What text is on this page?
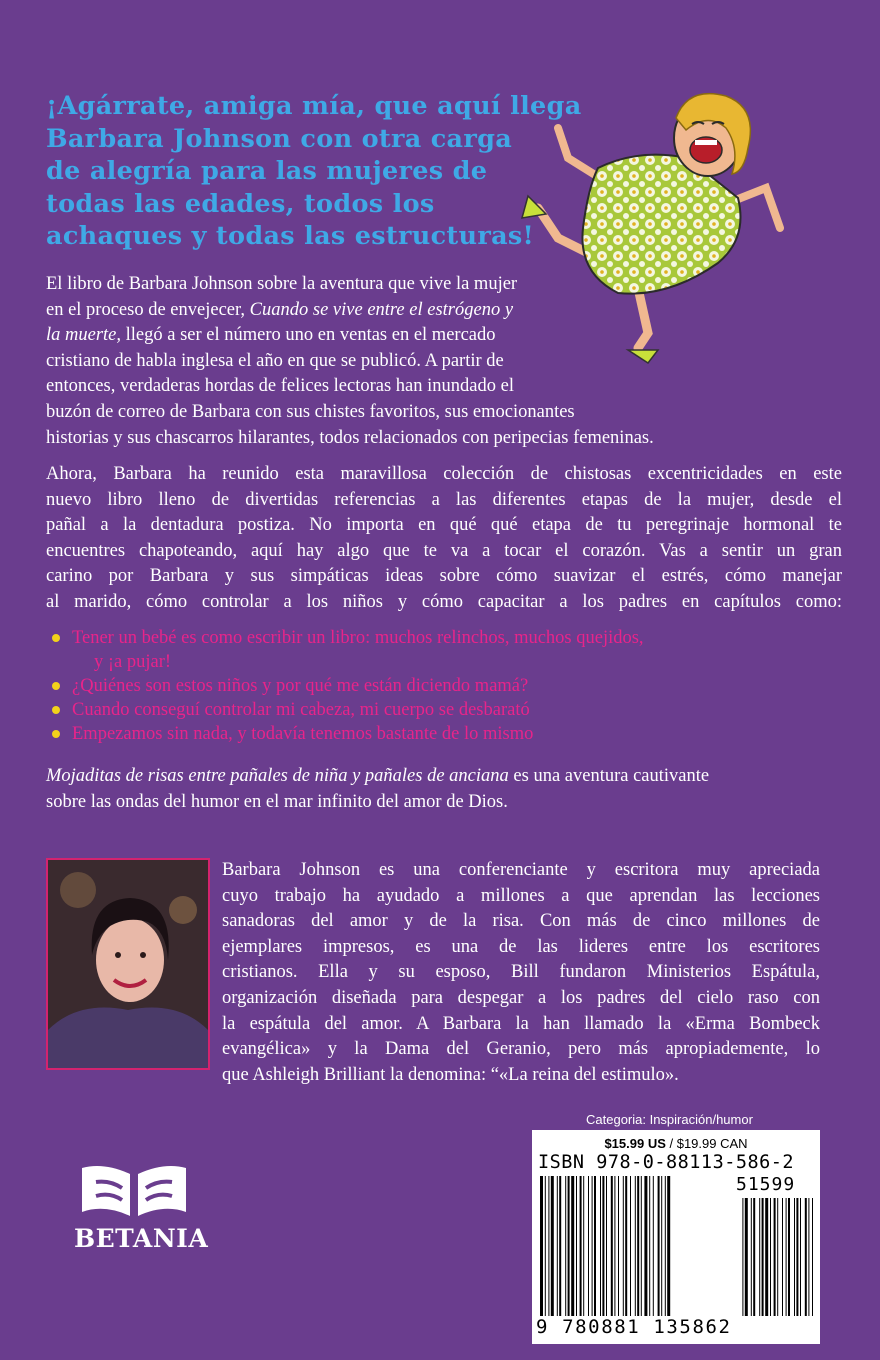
¡Agárrate, amiga mía, que aquí llega
Barbara Johnson con otra carga
de alegría para las mujeres de
todas las edades, todos los
achaques y todas las estructuras!
El libro de Barbara Johnson sobre la aventura que vive la mujer
en el proceso de envejecer, Cuando se vive entre el estrógeno y
la muerte, llegó a ser el número uno en ventas en el mercado
cristiano de habla inglesa el año en que se publicó. A partir de
entonces, verdaderas hordas de felices lectoras han inundado el
buzón de correo de Barbara con sus chistes favoritos, sus emocionantes
historias y sus chascarros hilarantes, todos relacionados con peripecias femeninas.
Ahora, Barbara ha reunido esta maravillosa colección de chistosas excentricidades en este
nuevo libro lleno de divertidas referencias a las diferentes etapas de la mujer, desde el
pañal a la dentadura postiza. No importa en qué qué etapa de tu peregrinaje hormonal te
encuentres chapoteando, aquí hay algo que te va a tocar el corazón. Vas a sentir un gran
carino por Barbara y sus simpáticas ideas sobre cómo suavizar el estrés, cómo manejar
al marido, cómo controlar a los niños y cómo capacitar a los padres en capítulos como:
Tener un bebé es como escribir un libro: muchos relinchos, muchos quejidos,
y ¡a pujar!
¿Quiénes son estos niños y por qué me están diciendo mamá?
Cuando conseguí controlar mi cabeza, mi cuerpo se desbarató
Empezamos sin nada, y todavía tenemos bastante de lo mismo
Mojaditas de risas entre pañales de niña y pañales de anciana es una aventura cautivante
sobre las ondas del humor en el mar infinito del amor de Dios.
Barbara Johnson es una conferenciante y escritora muy apreciada
cuyo trabajo ha ayudado a millones a que aprendan las lecciones
sanadoras del amor y de la risa. Con más de cinco millones de
ejemplares impresos, es una de las lideres entre los escritores
cristianos. Ella y su esposo, Bill fundaron Ministerios Espátula,
organización diseñada para despegar a los padres del cielo raso con
la espátula del amor. A Barbara la han llamado la «Erma Bombeck
evangélica» y la Dama del Geranio, pero más apropiademente, lo
que Ashleigh Brilliant la denomina: “«La reina del estimulo».
Categoria: Inspiración/humor
$15.99 US / $19.99 CAN
ISBN 978-0-88113-586-2
51599
9 780881 135862
BETANIA
